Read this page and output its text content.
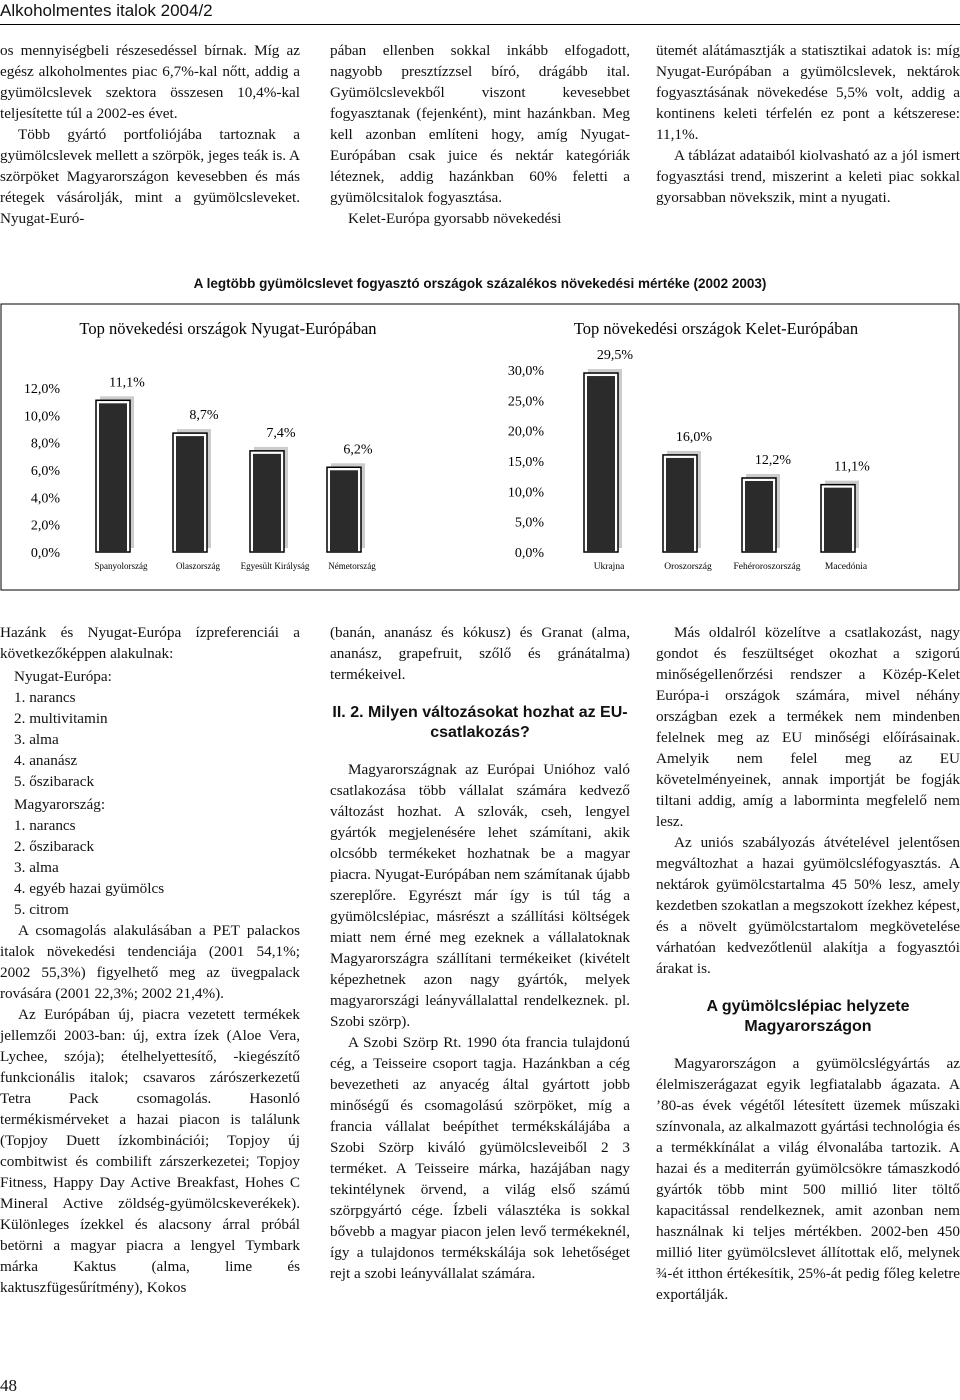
Alkoholmentes italok 2004/2

os mennyiségbeli részesedéssel bírnak. Míg az egész alkoholmentes piac 6,7%-kal nőtt, addig a gyümölcslevek szektora összesen 10,4%-kal teljesítette túl a 2002-es évet.

Több gyártó portfoliójába tartoznak a gyümölcslevek mellett a szörpök, jeges teák is. A szörpöket Magyarországon kevesebben és más rétegek vásárolják, mint a gyümölcsleveket. Nyugat-Euró-

pában ellenben sokkal inkább elfogadott, nagyobb presztízzsel bíró, drágább ital. Gyümölcslevekből viszont kevesebbet fogyasztanak (fejenként), mint hazánkban. Meg kell azonban említeni hogy, amíg Nyugat-Európában csak juice és nektár kategóriák léteznek, addig hazánkban 60% feletti a gyümölcsitalok fogyasztása.

Kelet-Európa gyorsabb növekedési

ütemét alátámasztják a statisztikai adatok is: míg Nyugat-Európában a gyümölcslevek, nektárok fogyasztásának növekedése 5,5% volt, addig a kontinens keleti térfelén ez pont a kétszerese: 11,1%.

A táblázat adataiból kiolvasható az a jól ismert fogyasztási trend, miszerint a keleti piac sokkal gyorsabban növekszik, mint a nyugati.

A legtöbb gyümölcslevet fogyasztó országok százalékos növekedési mértéke (2002 2003)
Top növekedési országok Nyugat-Európában
0,0%
2,0%
4,0%
6,0%
8,0%
10,0%
12,0%	11,1%
Spanyolország
8,7%
Olaszország
7,4%
Egyesült Királyság
6,2%
Németország
Top növekedési országok Kelet-Európában
0,0%
5,0%
10,0%
15,0%
20,0%
25,0%
30,0%
29,5%
Ukrajna
16,0%
Oroszország
12,2%
Fehéroroszország
11,1%
Macedónia

Hazánk és Nyugat-Európa ízpreferenciái a következőképpen alakulnak:

Nyugat-Európa:

1. narancs
2. multivitamin
3. alma
4. ananász
5. őszibarack

Magyarország:

1. narancs
2. őszibarack
3. alma
4. egyéb hazai gyümölcs
5. citrom

A csomagolás alakulásában a PET palackos italok növekedési tendenciája (2001 54,1%; 2002 55,3%) figyelhető meg az üvegpalack rovására (2001 22,3%; 2002 21,4%).

Az Európában új, piacra vezetett termékek jellemzői 2003-ban: új, extra ízek (Aloe Vera, Lychee, szója); ételhelyettesítő, -kiegészítő funkcionális italok; csavaros zárószerkezetű Tetra Pack csomagolás. Hasonló termékismérveket a hazai piacon is találunk (Topjoy Duett ízkombinációi; Topjoy új combitwist és combilift zárszerkezetei; Topjoy Fitness, Happy Day Active Breakfast, Hohes C Mineral Active zöldség-gyümölcskeverékek). Különleges ízekkel és alacsony árral próbál betörni a magyar piacra a lengyel Tymbark márka Kaktus (alma, lime és kaktuszfügesűrítmény), Kokos

(banán, ananász és kókusz) és Granat (alma, ananász, grapefruit, szőlő és gránátalma) termékeivel.

II. 2. Milyen változásokat hozhat az EU-csatlakozás?

Magyarországnak az Európai Unióhoz való csatlakozása több vállalat számára kedvező változást hozhat. A szlovák, cseh, lengyel gyártók megjelenésére lehet számítani, akik olcsóbb termékeket hozhatnak be a magyar piacra. Nyugat-Európában nem számítanak újabb szereplőre. Egyrészt már így is túl tág a gyümölcslépiac, másrészt a szállítási költségek miatt nem érné meg ezeknek a vállalatoknak Magyarországra szállítani termékeiket (kivételt képezhetnek azon nagy gyártók, melyek magyarországi leányvállalattal rendelkeznek. pl. Szobi szörp).

A Szobi Szörp Rt. 1990 óta francia tulajdonú cég, a Teisseire csoport tagja. Hazánkban a cég bevezetheti az anyacég által gyártott jobb minőségű és csomagolású szörpöket, míg a francia vállalat beépíthet termékskálájába a Szobi Szörp kiváló gyümölcsleveiből 2 3 terméket. A Teisseire márka, hazájában nagy tekintélynek örvend, a világ első számú szörpgyártó cége. Ízbeli választéka is sokkal bővebb a magyar piacon jelen levő termékeknél, így a tulajdonos termékskálája sok lehetőséget rejt a szobi leányvállalat számára.

Más oldalról közelítve a csatlakozást, nagy gondot és feszültséget okozhat a szigorú minőségellenőrzési rendszer a Közép-Kelet Európa-i országok számára, mivel néhány országban ezek a termékek nem mindenben felelnek meg az EU minőségi előírásainak. Amelyik nem felel meg az EU követelményeinek, annak importját be fogják tiltani addig, amíg a labormintа megfelelő nem lesz.

Az uniós szabályozás átvételével jelentősen megváltozhat a hazai gyümölcsléfogyasztás. A nektárok gyümölcstartalma 45 50% lesz, amely kezdetben szokatlan a megszokott ízekhez képest, és a növelt gyümölcstartalom megkövetelése várhatóan kedvezőtlenül alakítja a fogyasztói árakat is.

A gyümölcslépiac helyzete Magyarországon

Magyarországon a gyümölcslégyártás az élelmiszerágazat egyik legfiatalabb ágazata. A ’80-as évek végétől létesített üzemek műszaki színvonala, az alkalmazott gyártási technológia és a termékkínálat a világ élvonalába tartozik. A hazai és a mediterrán gyümölcsökre támaszkodó gyártók több mint 500 millió liter töltő kapacitással rendelkeznek, amit azonban nem használnak ki teljes mértékben. 2002-ben 450 millió liter gyümölcslevet állítottak elő, melynek ¾-ét itthon értékesítik, 25%-át pedig főleg keletre exportálják.

48
